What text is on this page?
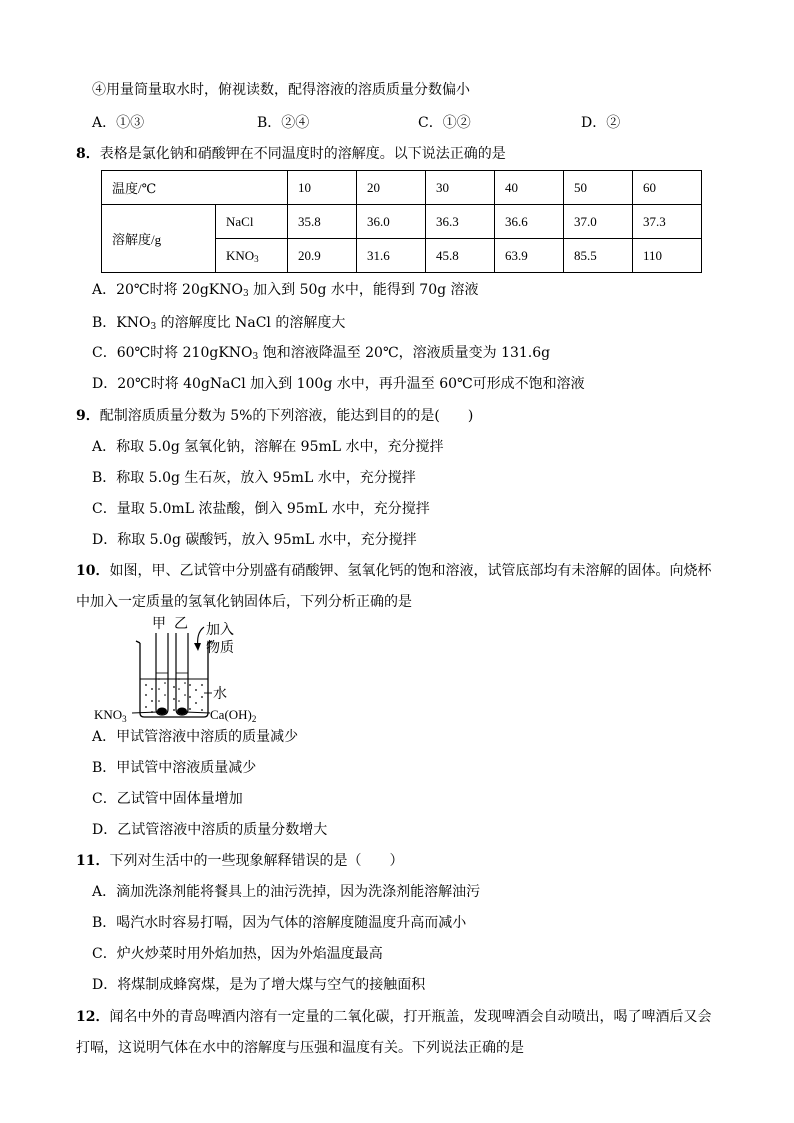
④用量筒量取水时，俯视读数，配得溶液的溶质质量分数偏小
A．①③	B．②④	C．①②	D．②
8．表格是氯化钠和硝酸钾在不同温度时的溶解度。以下说法正确的是
温度/℃		10	20	30	40	50	60
溶解度/g	NaCl	35.8	36.0	36.3	36.6	37.0	37.3
	$KNO_3$	20.9	31.6	45.8	63.9	85.5	110
A．20℃时将 20gKNO$_3$ 加入到 50g 水中，能得到 70g 溶液
B．$KNO_3$ 的溶解度比 NaCl 的溶解度大
C．60℃时将 210gKNO$_3$ 饱和溶液降温至 20℃，溶液质量变为 131.6g
D．20℃时将 40gNaCl 加入到 100g 水中，再升温至 60℃可形成不饱和溶液
9．配制溶质质量分数为 5%的下列溶液，能达到目的的是(　　)
A．称取 5.0g 氢氧化钠，溶解在 95mL 水中，充分搅拌
B．称取 5.0g 生石灰，放入 95mL 水中，充分搅拌
C．量取 5.0mL 浓盐酸，倒入 95mL 水中，充分搅拌
D．称取 5.0g 碳酸钙，放入 95mL 水中，充分搅拌
10．如图，甲、乙试管中分别盛有硝酸钾、氢氧化钙的饱和溶液，试管底部均有未溶解的固体。向烧杯
中加入一定质量的氢氧化钠固体后，下列分析正确的是
甲 乙 加入
物质
水
$KNO_3$	$Ca(OH)_2$
A．甲试管溶液中溶质的质量减少
B．甲试管中溶液质量减少
C．乙试管中固体量增加
D．乙试管溶液中溶质的质量分数增大
11．下列对生活中的一些现象解释错误的是（　　）
A．滴加洗涤剂能将餐具上的油污洗掉，因为洗涤剂能溶解油污
B．喝汽水时容易打嗝，因为气体的溶解度随温度升高而减小
C．炉火炒菜时用外焰加热，因为外焰温度最高
D．将煤制成蜂窝煤，是为了增大煤与空气的接触面积
12．闻名中外的青岛啤酒内溶有一定量的二氧化碳，打开瓶盖，发现啤酒会自动喷出，喝了啤酒后又会
打嗝，这说明气体在水中的溶解度与压强和温度有关。下列说法正确的是
